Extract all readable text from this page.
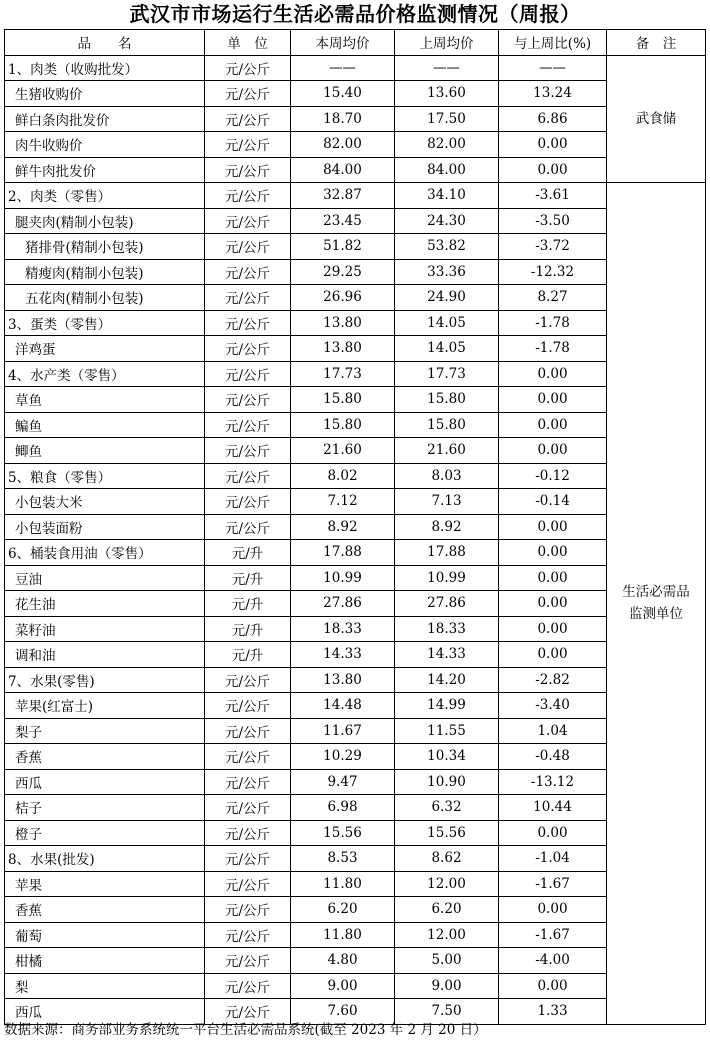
武汉市市场运行生活必需品价格监测情况（周报）
品　　名	单　位	本周均价	上周均价	与上周比(%)	备　注
1、肉类（收购批发）	元/公斤	——	——	——	武食储
生猪收购价	元/公斤	15.40	13.60	13.24	
鲜白条肉批发价	元/公斤	18.70	17.50	6.86	
肉牛收购价	元/公斤	82.00	82.00	0.00	
鲜牛肉批发价	元/公斤	84.00	84.00	0.00	
2、肉类（零售）	元/公斤	32.87	34.10	-3.61	生活必需品
监测单位
腿夹肉(精制小包装)	元/公斤	23.45	24.30	-3.50	
猪排骨(精制小包装)	元/公斤	51.82	53.82	-3.72	
精瘦肉(精制小包装)	元/公斤	29.25	33.36	-12.32	
五花肉(精制小包装)	元/公斤	26.96	24.90	8.27	
3、蛋类（零售）	元/公斤	13.80	14.05	-1.78	
洋鸡蛋	元/公斤	13.80	14.05	-1.78	
4、水产类（零售）	元/公斤	17.73	17.73	0.00	
草鱼	元/公斤	15.80	15.80	0.00	
鳊鱼	元/公斤	15.80	15.80	0.00	
鲫鱼	元/公斤	21.60	21.60	0.00	
5、粮食（零售）	元/公斤	8.02	8.03	-0.12	
小包装大米	元/公斤	7.12	7.13	-0.14	
小包装面粉	元/公斤	8.92	8.92	0.00	
6、桶装食用油（零售）	元/升	17.88	17.88	0.00	
豆油	元/升	10.99	10.99	0.00	
花生油	元/升	27.86	27.86	0.00	
菜籽油	元/升	18.33	18.33	0.00	
调和油	元/升	14.33	14.33	0.00	
7、水果(零售)	元/公斤	13.80	14.20	-2.82	
苹果(红富士)	元/公斤	14.48	14.99	-3.40	
梨子	元/公斤	11.67	11.55	1.04	
香蕉	元/公斤	10.29	10.34	-0.48	
西瓜	元/公斤	9.47	10.90	-13.12	
桔子	元/公斤	6.98	6.32	10.44	
橙子	元/公斤	15.56	15.56	0.00	
8、水果(批发)	元/公斤	8.53	8.62	-1.04	
苹果	元/公斤	11.80	12.00	-1.67	
香蕉	元/公斤	6.20	6.20	0.00	
葡萄	元/公斤	11.80	12.00	-1.67	
柑橘	元/公斤	4.80	5.00	-4.00	
梨	元/公斤	9.00	9.00	0.00	
西瓜	元/公斤	7.60	7.50	1.33	
数据来源：商务部业务系统统一平台生活必需品系统(截至 2023 年 2 月 20 日）
